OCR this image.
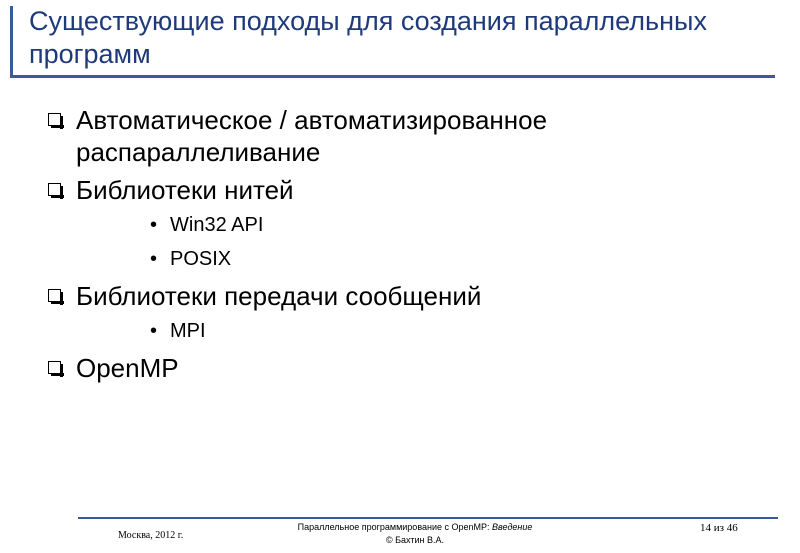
Существующие подходы для создания параллельных программ
Автоматическое / автоматизированное распараллеливание
Библиотеки нитей
• Win32 API
• POSIX
Библиотеки передачи сообщений
• MPI
OpenMP
Москва, 2012 г.
Параллельное программирование с OpenMP: Введение
© Бахтин В.А.
14 из 46
